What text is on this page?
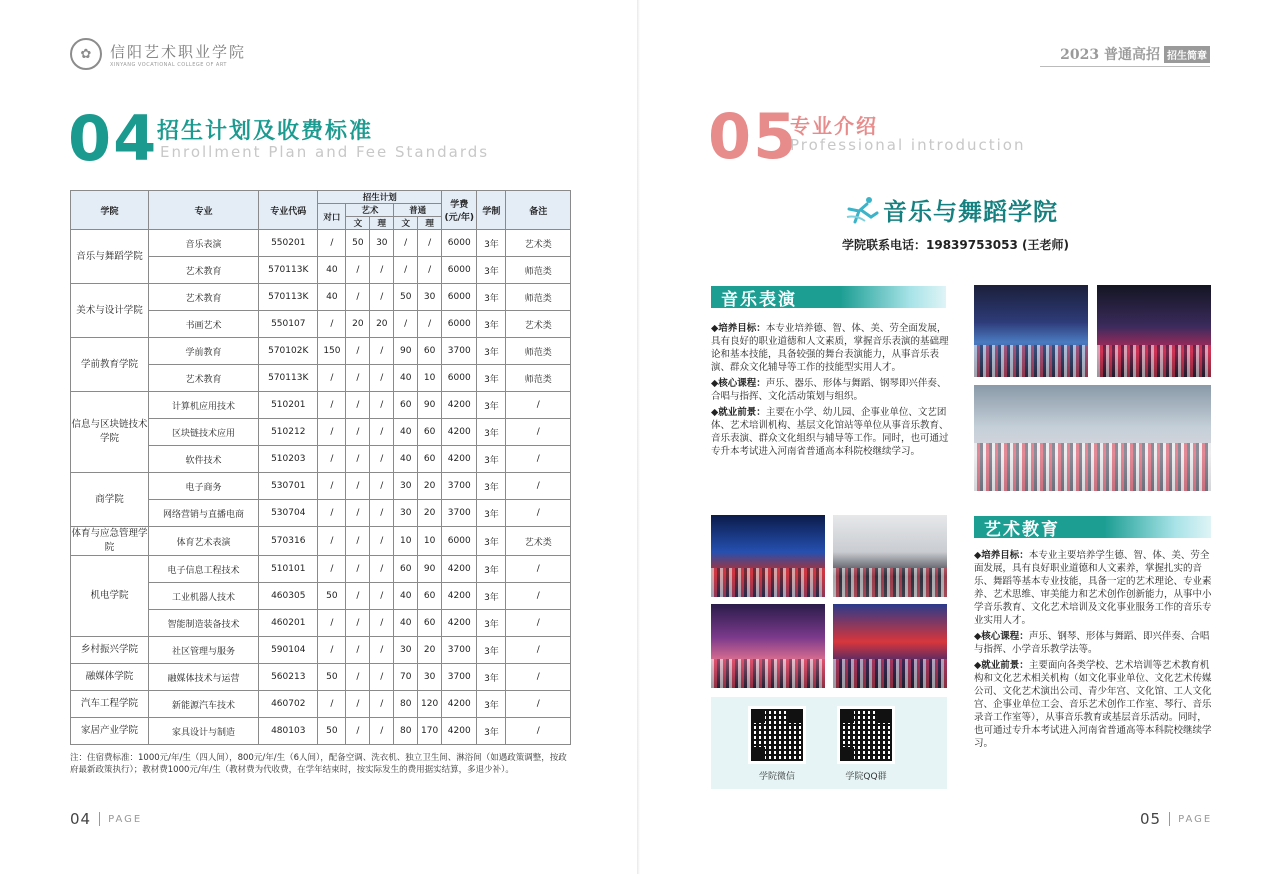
✿	信阳艺术职业学院
XINYANG VOCATIONAL COLLEGE OF ART
04
招生计划及收费标准
Enrollment Plan and Fee Standards
学院	专业	专业代码	招生计划					学费(元/年)	学制	备注
			对口	艺术		普通				
				文	理	文	理			
音乐与舞蹈学院	音乐表演	550201	/	50	30	/	/	6000	3年	艺术类
	艺术教育	570113K	40	/	/	/	/	6000	3年	师范类
美术与设计学院	艺术教育	570113K	40	/	/	50	30	6000	3年	师范类
	书画艺术	550107	/	20	20	/	/	6000	3年	艺术类
学前教育学院	学前教育	570102K	150	/	/	90	60	3700	3年	师范类
	艺术教育	570113K	/	/	/	40	10	6000	3年	师范类
信息与区块链技术学院	计算机应用技术	510201	/	/	/	60	90	4200	3年	/
	区块链技术应用	510212	/	/	/	40	60	4200	3年	/
	软件技术	510203	/	/	/	40	60	4200	3年	/
商学院	电子商务	530701	/	/	/	30	20	3700	3年	/
	网络营销与直播电商	530704	/	/	/	30	20	3700	3年	/
体育与应急管理学院	体育艺术表演	570316	/	/	/	10	10	6000	3年	艺术类
机电学院	电子信息工程技术	510101	/	/	/	60	90	4200	3年	/
	工业机器人技术	460305	50	/	/	40	60	4200	3年	/
	智能制造装备技术	460201	/	/	/	40	60	4200	3年	/
乡村振兴学院	社区管理与服务	590104	/	/	/	30	20	3700	3年	/
融媒体学院	融媒体技术与运营	560213	50	/	/	70	30	3700	3年	/
汽车工程学院	新能源汽车技术	460702	/	/	/	80	120	4200	3年	/
家居产业学院	家具设计与制造	480103	50	/	/	80	170	4200	3年	/
注：住宿费标准：1000元/年/生（四人间），800元/年/生（6人间），配备空调、洗衣机、独立卫生间、淋浴间（如遇政策调整，按政府最新政策执行）；教材费1000元/年/生（教材费为代收费，在学年结束时，按实际发生的费用据实结算，多退少补）。
04 PAGE
2023 普通高招 招生简章
05
专业介绍
Professional introduction
音乐与舞蹈学院
学院联系电话：19839753053 (王老师)
音乐表演

◆培养目标：本专业培养德、智、体、美、劳全面发展，具有良好的职业道德和人文素质，掌握音乐表演的基础理论和基本技能，具备较强的舞台表演能力，从事音乐表演、群众文化辅导等工作的技能型实用人才。

◆核心课程：声乐、器乐、形体与舞蹈、钢琴即兴伴奏、合唱与指挥、文化活动策划与组织。

◆就业前景：主要在小学、幼儿园、企事业单位、文艺团体、艺术培训机构、基层文化馆站等单位从事音乐教育、音乐表演、群众文化组织与辅导等工作。同时，也可通过专升本考试进入河南省普通高本科院校继续学习。

艺术教育

◆培养目标：本专业主要培养学生德、智、体、美、劳全面发展，具有良好职业道德和人文素养，掌握扎实的音乐、舞蹈等基本专业技能，具备一定的艺术理论、专业素养、艺术思维、审美能力和艺术创作创新能力，从事中小学音乐教育、文化艺术培训及文化事业服务工作的音乐专业实用人才。

◆核心课程：声乐、钢琴、形体与舞蹈、即兴伴奏、合唱与指挥、小学音乐教学法等。

◆就业前景：主要面向各类学校、艺术培训等艺术教育机构和文化艺术相关机构（如文化事业单位、文化艺术传媒公司、文化艺术演出公司、青少年宫、文化馆、工人文化宫、企事业单位工会、音乐艺术创作工作室、琴行、音乐录音工作室等），从事音乐教育或基层音乐活动。同时，也可通过专升本考试进入河南省普通高等本科院校继续学习。

学院微信	学院QQ群
05 PAGE
